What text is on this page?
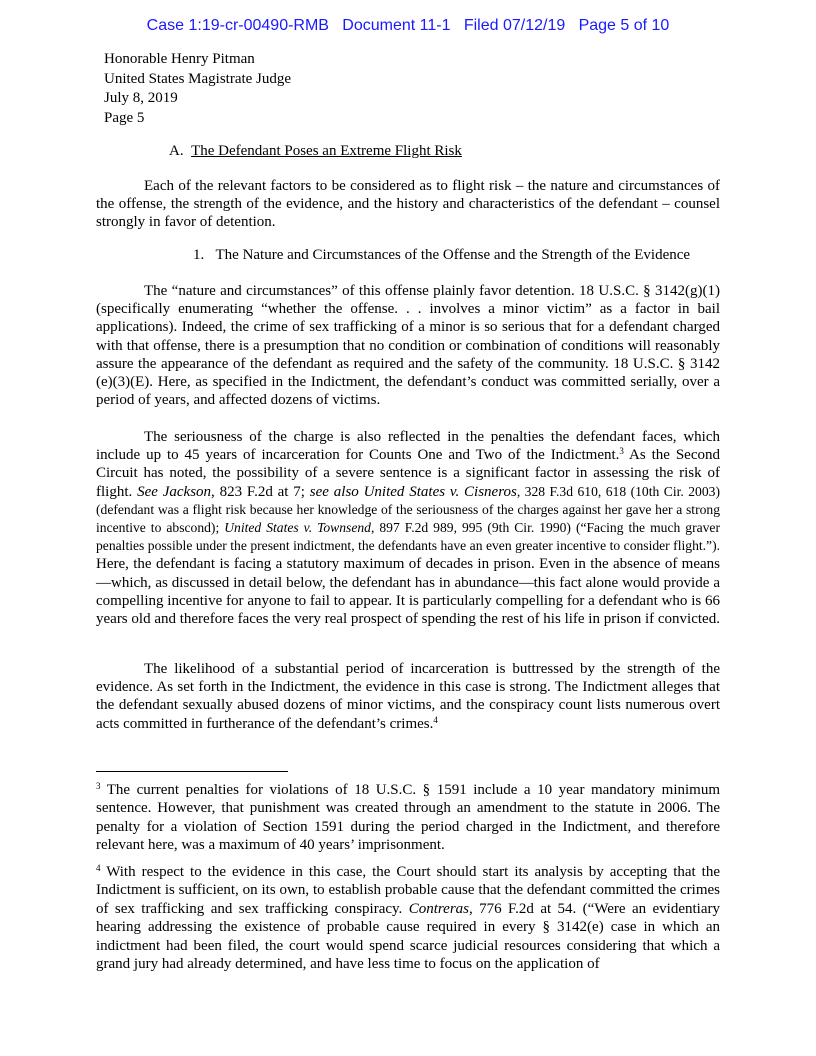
Case 1:19-cr-00490-RMB   Document 11-1   Filed 07/12/19   Page 5 of 10
Honorable Henry Pitman
United States Magistrate Judge
July 8, 2019
Page 5
A. The Defendant Poses an Extreme Flight Risk

Each of the relevant factors to be considered as to flight risk – the nature and circumstances of the offense, the strength of the evidence, and the history and characteristics of the defendant – counsel strongly in favor of detention.

1. The Nature and Circumstances of the Offense and the Strength of the Evidence

The “nature and circumstances” of this offense plainly favor detention. 18 U.S.C. § 3142(g)(1) (specifically enumerating “whether the offense. . . involves a minor victim” as a factor in bail applications). Indeed, the crime of sex trafficking of a minor is so serious that for a defendant charged with that offense, there is a presumption that no condition or combination of conditions will reasonably assure the appearance of the defendant as required and the safety of the community. 18 U.S.C. § 3142 (e)(3)(E). Here, as specified in the Indictment, the defendant’s conduct was committed serially, over a period of years, and affected dozens of victims.

The seriousness of the charge is also reflected in the penalties the defendant faces, which include up to 45 years of incarceration for Counts One and Two of the Indictment.$^3$ As the Second Circuit has noted, the possibility of a severe sentence is a significant factor in assessing the risk of flight. See Jackson, 823 F.2d at 7; see also United States v. Cisneros, 328 F.3d 610, 618 (10th Cir. 2003) (defendant was a flight risk because her knowledge of the seriousness of the charges against her gave her a strong incentive to abscond); United States v. Townsend, 897 F.2d 989, 995 (9th Cir. 1990) (“Facing the much graver penalties possible under the present indictment, the defendants have an even greater incentive to consider flight.”). Here, the defendant is facing a statutory maximum of decades in prison. Even in the absence of means—which, as discussed in detail below, the defendant has in abundance—this fact alone would provide a compelling incentive for anyone to fail to appear. It is particularly compelling for a defendant who is 66 years old and therefore faces the very real prospect of spending the rest of his life in prison if convicted.

The likelihood of a substantial period of incarceration is buttressed by the strength of the evidence. As set forth in the Indictment, the evidence in this case is strong. The Indictment alleges that the defendant sexually abused dozens of minor victims, and the conspiracy count lists numerous overt acts committed in furtherance of the defendant’s crimes.$^4$

$^3$ The current penalties for violations of 18 U.S.C. § 1591 include a 10 year mandatory minimum sentence. However, that punishment was created through an amendment to the statute in 2006. The penalty for a violation of Section 1591 during the period charged in the Indictment, and therefore relevant here, was a maximum of 40 years’ imprisonment.

$^4$ With respect to the evidence in this case, the Court should start its analysis by accepting that the Indictment is sufficient, on its own, to establish probable cause that the defendant committed the crimes of sex trafficking and sex trafficking conspiracy. Contreras, 776 F.2d at 54. (“Were an evidentiary hearing addressing the existence of probable cause required in every § 3142(e) case in which an indictment had been filed, the court would spend scarce judicial resources considering that which a grand jury had already determined, and have less time to focus on the application of
